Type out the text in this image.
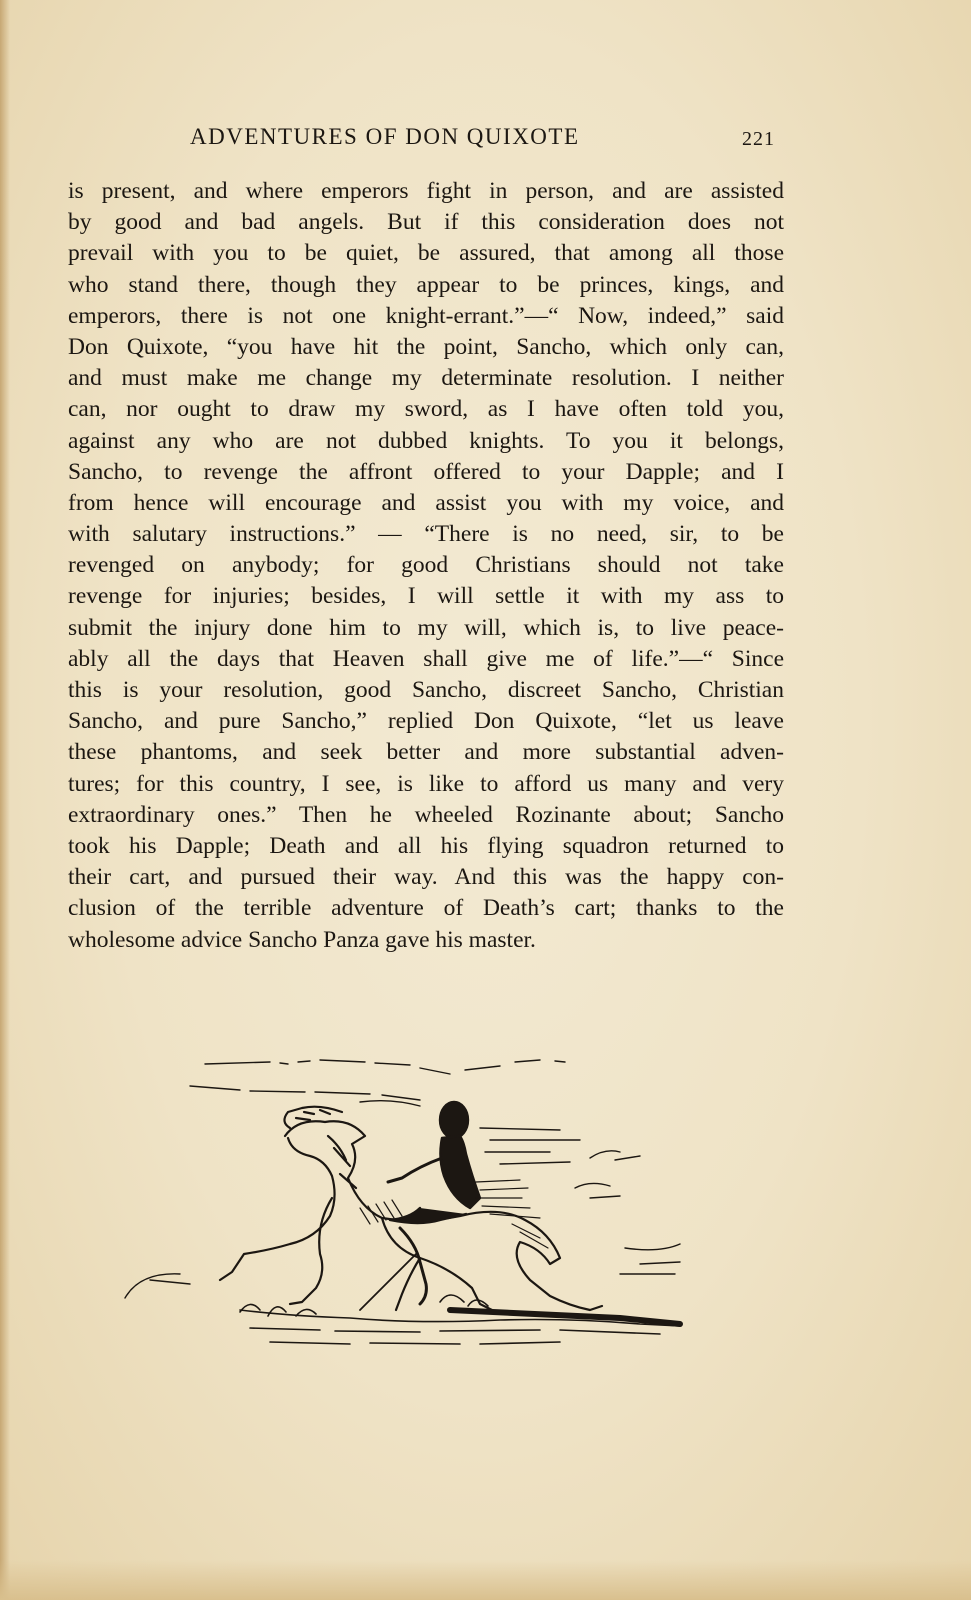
ADVENTURES OF DON QUIXOTE	221
is present, and where emperors fight in person, and are assisted
by good and bad angels. But if this consideration does not
prevail with you to be quiet, be assured, that among all those
who stand there, though they appear to be princes, kings, and
emperors, there is not one knight-errant.”—“ Now, indeed,” said
Don Quixote, “you have hit the point, Sancho, which only can,
and must make me change my determinate resolution. I neither
can, nor ought to draw my sword, as I have often told you,
against any who are not dubbed knights. To you it belongs,
Sancho, to revenge the affront offered to your Dapple; and I
from hence will encourage and assist you with my voice, and
with salutary instructions.” — “There is no need, sir, to be
revenged on anybody; for good Christians should not take
revenge for injuries; besides, I will settle it with my ass to
submit the injury done him to my will, which is, to live peace-
ably all the days that Heaven shall give me of life.”—“ Since
this is your resolution, good Sancho, discreet Sancho, Christian
Sancho, and pure Sancho,” replied Don Quixote, “let us leave
these phantoms, and seek better and more substantial adven-
tures; for this country, I see, is like to afford us many and very
extraordinary ones.” Then he wheeled Rozinante about; Sancho
took his Dapple; Death and all his flying squadron returned to
their cart, and pursued their way. And this was the happy con-
clusion of the terrible adventure of Death’s cart; thanks to the
wholesome advice Sancho Panza gave his master.
